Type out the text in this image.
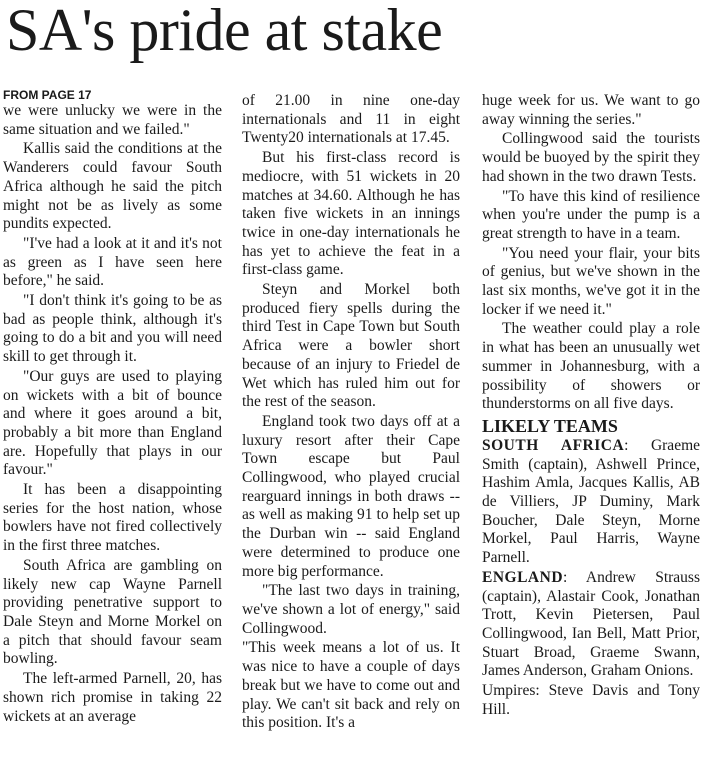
SA's pride at stake
FROM PAGE 17

we were unlucky we were in the same situation and we failed."

Kallis said the conditions at the Wanderers could favour South Africa although he said the pitch might not be as lively as some pundits expected.

"I've had a look at it and it's not as green as I have seen here before," he said.

"I don't think it's going to be as bad as people think, although it's going to do a bit and you will need skill to get through it.

"Our guys are used to playing on wickets with a bit of bounce and where it goes around a bit, probably a bit more than England are. Hopefully that plays in our favour."

It has been a disappointing series for the host nation, whose bowlers have not fired collectively in the first three matches.

South Africa are gambling on likely new cap Wayne Parnell providing penetrative support to Dale Steyn and Morne Morkel on a pitch that should favour seam bowling.

The left-armed Parnell, 20, has shown rich promise in taking 22 wickets at an average

of 21.00 in nine one-day internationals and 11 in eight Twenty20 internationals at 17.45.

But his first-class record is mediocre, with 51 wickets in 20 matches at 34.60. Although he has taken five wickets in an innings twice in one-day internationals he has yet to achieve the feat in a first-class game.

Steyn and Morkel both produced fiery spells during the third Test in Cape Town but South Africa were a bowler short because of an injury to Friedel de Wet which has ruled him out for the rest of the season.

England took two days off at a luxury resort after their Cape Town escape but Paul Collingwood, who played crucial rearguard innings in both draws -- as well as making 91 to help set up the Durban win -- said England were determined to produce one more big performance.

"The last two days in training, we've shown a lot of energy," said Collingwood.

"This week means a lot of us. It was nice to have a couple of days break but we have to come out and play. We can't sit back and rely on this position. It's a

huge week for us. We want to go away winning the series."

Collingwood said the tourists would be buoyed by the spirit they had shown in the two drawn Tests.

"To have this kind of resilience when you're under the pump is a great strength to have in a team.

"You need your flair, your bits of genius, but we've shown in the last six months, we've got it in the locker if we need it."

The weather could play a role in what has been an unusually wet summer in Johannesburg, with a possibility of showers or thunderstorms on all five days.

LIKELY TEAMS

SOUTH AFRICA: Graeme Smith (captain), Ashwell Prince, Hashim Amla, Jacques Kallis, AB de Villiers, JP Duminy, Mark Boucher, Dale Steyn, Morne Morkel, Paul Harris, Wayne Parnell.

ENGLAND: Andrew Strauss (captain), Alastair Cook, Jonathan Trott, Kevin Pietersen, Paul Collingwood, Ian Bell, Matt Prior, Stuart Broad, Graeme Swann, James Anderson, Graham Onions.

Umpires: Steve Davis and Tony Hill.
